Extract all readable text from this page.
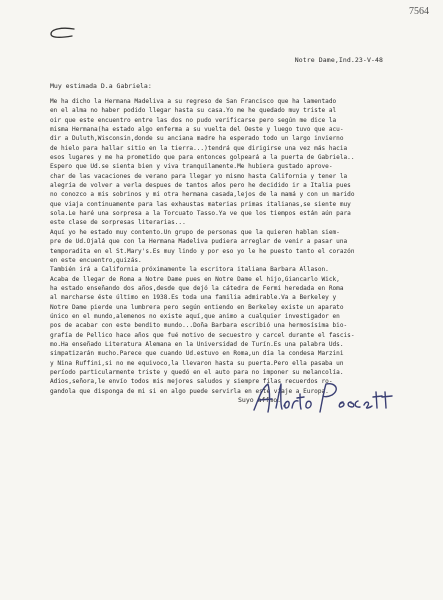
7564
Notre Dame,Ind.23-V-48
Muy estimada D.a Gabriela:
Me ha dicho la Hermana Madeliva a su regreso de San Francisco que ha lamentado
en el alma no haber podido llegar hasta su casa.Yo me he quedado muy triste al
oir que este encuentro entre las dos no pudo verificarse pero según me dice la
misma Hermana(ha estado algo enferma a su vuelta del Oeste y luego tuvo que acu-
dir a Duluth,Wisconsin,donde su anciana madre ha esperado todo un largo invierno
de hielo para hallar sitio en la tierra...)tendrá que dirigirse una vez más hacia
esos lugares y me ha prometido que para entonces golpeará a la puerta de Gabriela..
Espero que Ud.se sienta bien y viva tranquilamente.Me hubiera gustado aprove-
char de las vacaciones de verano para llegar yo mismo hasta California y tener la
alegría de volver a verla despues de tantos años pero he decidido ir a Italia pues
no conozco a mis sobrinos y mi otra hermana casada,lejos de la mamá y con un marido
que viaja continuamente para las exhaustas materias primas italianas,se siente muy
sola.Le haré una sorpresa a la Torcuato Tasso.Ya ve que los tiempos están aún para
este clase de sorpresas literarias...
Aquí yo he estado muy contento.Un grupo de personas que la quieren hablan siem-
pre de Ud.Ojalá que con la Hermana Madeliva pudiera arreglar de venir a pasar una
temporadita en el St.Mary's.Es muy lindo y por eso yo le he puesto tanto el corazón
en este encuentro,quizás.
También irá a California próximamente la escritora italiana Barbara Allason.
Acaba de llegar de Roma a Notre Dame pues en Notre Dame el hijo,Giancarlo Wick,
ha estado enseñando dos años,desde que dejó la cátedra de Fermi heredada en Roma
al marcharse éste último en 1938.Es toda una familia admirable.Va a Berkeley y
Notre Dame pierde una lumbrera pero según entiendo en Berkeley existe un aparato
único en el mundo,alemenos no existe aquí,que animo a cualquier investigador en
pos de acabar con este bendito mundo...Doña Barbara escribió una hermosísima bio-
grafía de Pellico hace años que fué motivo de secuestro y carcel durante el fascis-
mo.Ha enseñado Literatura Alemana en la Universidad de Turín.Es una palabra Uds.
simpatizarán mucho.Parece que cuando Ud.estuvo en Roma,un día la condesa Marzini
y Nina Ruffini,si no me equivoco,la llevaron hasta su puerta.Pero ella pasaba un
período particularmente triste y quedó en el auto para no imponer su melancolía.
Adios,señora,le envío todos mis mejores saludos y siempre filas recuerdos ro-
gandola que disponga de mi si en algo puede servirla en este viaje a Europa.
Suyo affmo.
